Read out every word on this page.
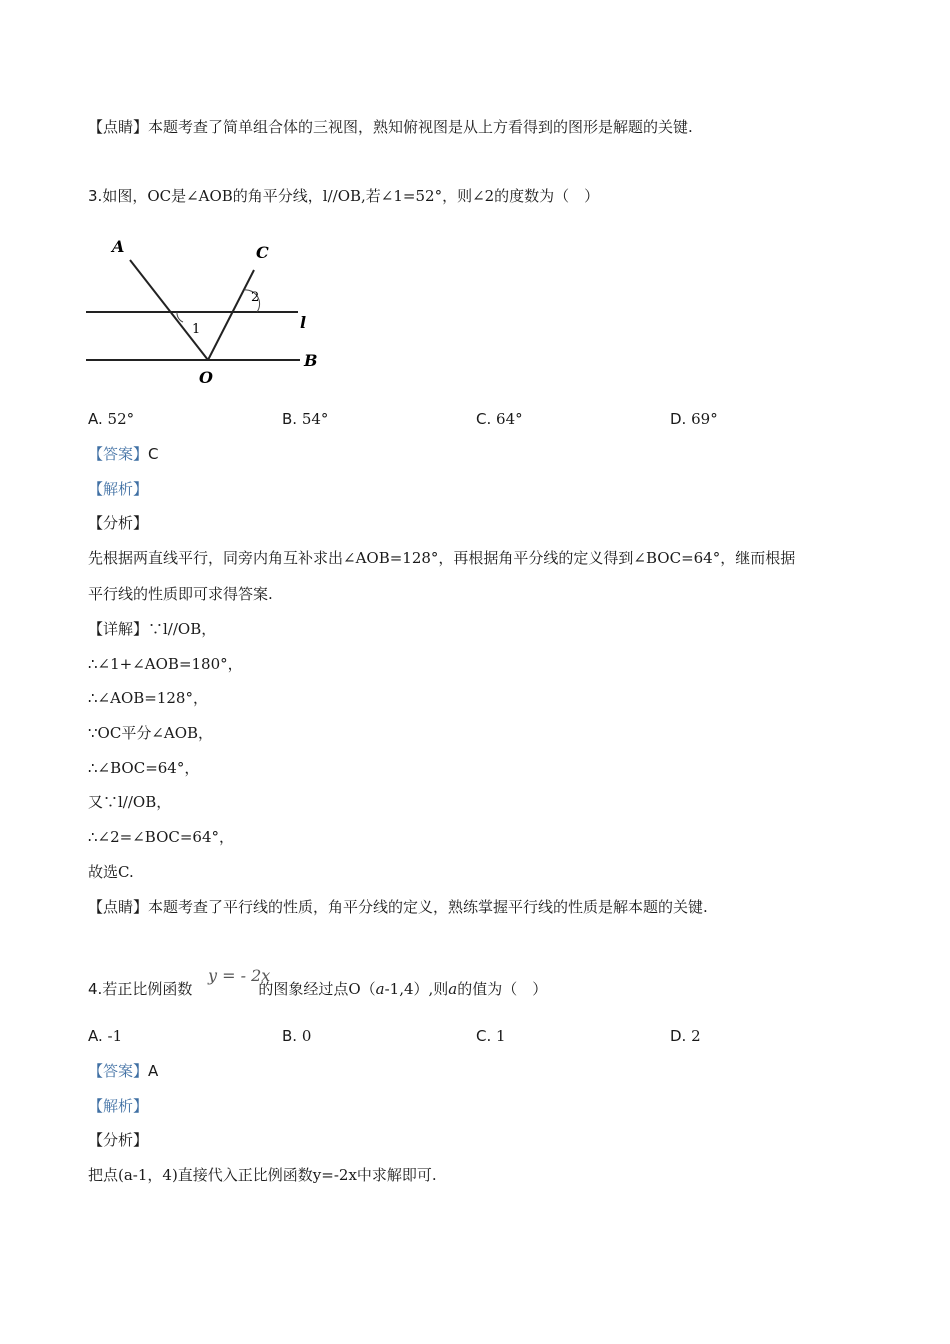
【点睛】本题考查了简单组合体的三视图，熟知俯视图是从上方看得到的图形是解题的关键.
3.如图，OC是∠AOB的角平分线，l//OB,若∠1=52°，则∠2的度数为（　）
A	C
O
B
l
1
2
A. 52°	B. 54°	C. 64°	D. 69°
【答案】C
【解析】
【分析】
先根据两直线平行，同旁内角互补求出∠AOB=128°，再根据角平分线的定义得到∠BOC=64°，继而根据
平行线的性质即可求得答案.
【详解】∵l//OB，
∴∠1+∠AOB=180°，
∴∠AOB=128°，
∵OC平分∠AOB，
∴∠BOC=64°，
又∵l//OB，
∴∠2=∠BOC=64°，
故选C.
【点睛】本题考查了平行线的性质，角平分线的定义，熟练掌握平行线的性质是解本题的关键.
y = - 2x
4.若正比例函数	的图象经过点O（a-1,4）,则a的值为（　）
A. -1	B. 0	C. 1	D. 2
【答案】A
【解析】
【分析】
把点(a-1，4)直接代入正比例函数y=-2x中求解即可.
